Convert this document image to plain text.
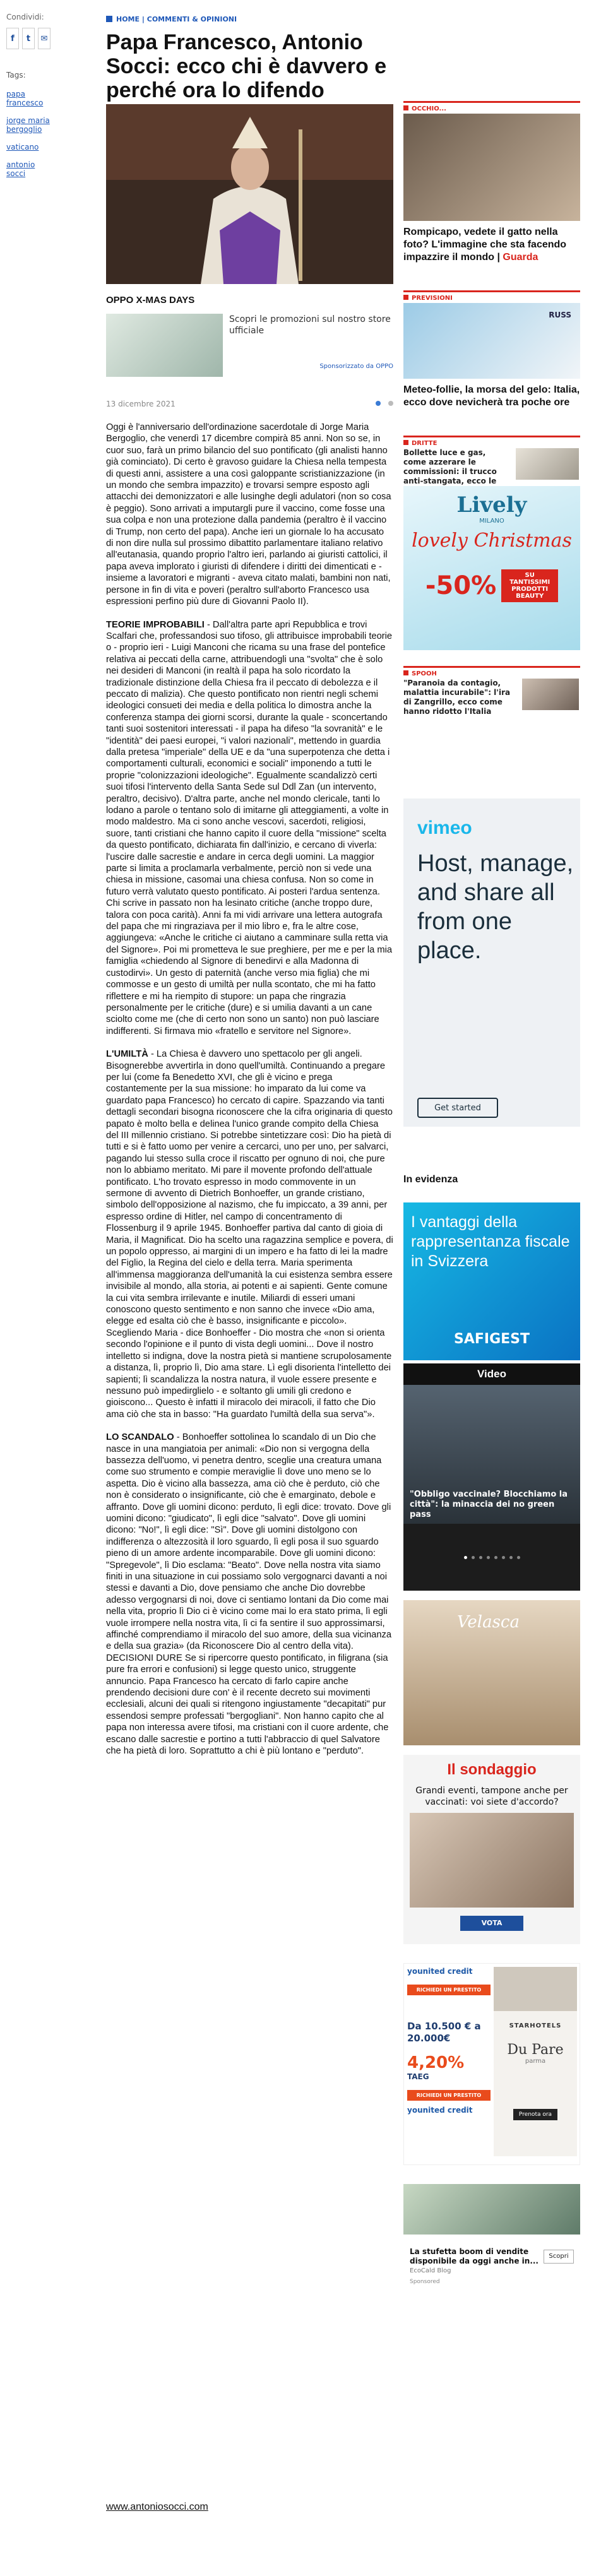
Condividi:
f	t	✉
Tags:
papa francesco
jorge maria bergoglio
vaticano
antonio socci
HOME | COMMENTI & OPINIONI
Papa Francesco, Antonio Socci: ecco chi è davvero e perché ora lo difendo
OPPO X-MAS DAYS
Scopri le promozioni sul nostro store ufficiale
Sponsorizzato da OPPO
13 dicembre 2021

Oggi è l'anniversario dell'ordinazione sacerdotale di Jorge Maria Bergoglio, che venerdì 17 dicembre compirà 85 anni. Non so se, in cuor suo, farà un primo bilancio del suo pontificato (gli analisti hanno già cominciato). Di certo è gravoso guidare la Chiesa nella tempesta di questi anni, assistere a una così galoppante scristianizzazione (in un mondo che sembra impazzito) e trovarsi sempre esposto agli attacchi dei demonizzatori e alle lusinghe degli adulatori (non so cosa è peggio). Sono arrivati a imputargli pure il vaccino, come fosse una sua colpa e non una protezione dalla pandemia (peraltro è il vaccino di Trump, non certo del papa). Anche ieri un giornale lo ha accusato di non dire nulla sul prossimo dibattito parlamentare italiano relativo all'eutanasia, quando proprio l'altro ieri, parlando ai giuristi cattolici, il papa aveva implorato i giuristi di difendere i diritti dei dimenticati e - insieme a lavoratori e migranti - aveva citato malati, bambini non nati, persone in fin di vita e poveri (peraltro sull'aborto Francesco usa espressioni perfino più dure di Giovanni Paolo II).

TEORIE IMPROBABILI - Dall'altra parte apri Repubblica e trovi Scalfari che, professandosi suo tifoso, gli attribuisce improbabili teorie o - proprio ieri - Luigi Manconi che ricama su una frase del pontefice relativa ai peccati della carne, attribuendogli una "svolta" che è solo nei desideri di Manconi (in realtà il papa ha solo ricordato la tradizionale distinzione della Chiesa fra il peccato di debolezza e il peccato di malizia). Che questo pontificato non rientri negli schemi ideologici consueti dei media e della politica lo dimostra anche la conferenza stampa dei giorni scorsi, durante la quale - sconcertando tanti suoi sostenitori interessati - il papa ha difeso "la sovranità" e le "identità" dei paesi europei, "i valori nazionali", mettendo in guardia dalla pretesa "imperiale" della UE e da "una superpotenza che detta i comportamenti culturali, economici e sociali" imponendo a tutti le proprie "colonizzazioni ideologiche". Egualmente scandalizzò certi suoi tifosi l'intervento della Santa Sede sul Ddl Zan (un intervento, peraltro, decisivo). D'altra parte, anche nel mondo clericale, tanti lo lodano a parole o tentano solo di imitarne gli atteggiamenti, a volte in modo maldestro. Ma ci sono anche vescovi, sacerdoti, religiosi, suore, tanti cristiani che hanno capito il cuore della "missione" scelta da questo pontificato, dichiarata fin dall'inizio, e cercano di viverla: l'uscire dalle sacrestie e andare in cerca degli uomini. La maggior parte si limita a proclamarla verbalmente, perciò non si vede una chiesa in missione, casomai una chiesa confusa. Non so come in futuro verrà valutato questo pontificato. Ai posteri l'ardua sentenza. Chi scrive in passato non ha lesinato critiche (anche troppo dure, talora con poca carità). Anni fa mi vidi arrivare una lettera autografa del papa che mi ringraziava per il mio libro e, fra le altre cose, aggiungeva: «Anche le critiche ci aiutano a camminare sulla retta via del Signore». Poi mi prometteva le sue preghiere, per me e per la mia famiglia «chiedendo al Signore di benedirvi e alla Madonna di custodirvi». Un gesto di paternità (anche verso mia figlia) che mi commosse e un gesto di umiltà per nulla scontato, che mi ha fatto riflettere e mi ha riempito di stupore: un papa che ringrazia personalmente per le critiche (dure) e si umilia davanti a un cane sciolto come me (che di certo non sono un santo) non può lasciare indifferenti. Si firmava mio «fratello e servitore nel Signore».

L'UMILTÀ - La Chiesa è davvero uno spettacolo per gli angeli. Bisognerebbe avvertirla in dono quell'umiltà. Continuando a pregare per lui (come fa Benedetto XVI, che gli è vicino e prega costantemente per la sua missione: ho imparato da lui come va guardato papa Francesco) ho cercato di capire. Spazzando via tanti dettagli secondari bisogna riconoscere che la cifra originaria di questo papato è molto bella e delinea l'unico grande compito della Chiesa del III millennio cristiano. Si potrebbe sintetizzare così: Dio ha pietà di tutti e si è fatto uomo per venire a cercarci, uno per uno, per salvarci, pagando lui stesso sulla croce il riscatto per ognuno di noi, che pure non lo abbiamo meritato. Mi pare il movente profondo dell'attuale pontificato. L'ho trovato espresso in modo commovente in un sermone di avvento di Dietrich Bonhoeffer, un grande cristiano, simbolo dell'opposizione al nazismo, che fu impiccato, a 39 anni, per espresso ordine di Hitler, nel campo di concentramento di Flossenburg il 9 aprile 1945. Bonhoeffer partiva dal canto di gioia di Maria, il Magnificat. Dio ha scelto una ragazzina semplice e povera, di un popolo oppresso, ai margini di un impero e ha fatto di lei la madre del Figlio, la Regina del cielo e della terra. Maria sperimenta all'immensa maggioranza dell'umanità la cui esistenza sembra essere invisibile al mondo, alla storia, ai potenti e ai sapienti. Gente comune la cui vita sembra irrilevante e inutile. Miliardi di esseri umani conoscono questo sentimento e non sanno che invece «Dio ama, elegge ed esalta ciò che è basso, insignificante e piccolo». Scegliendo Maria - dice Bonhoeffer - Dio mostra che «non si orienta secondo l'opinione e il punto di vista degli uomini... Dove il nostro intelletto si indigna, dove la nostra pietà si mantiene scrupolosamente a distanza, lì, proprio lì, Dio ama stare. Lì egli disorienta l'intelletto dei sapienti; lì scandalizza la nostra natura, il vuole essere presente e nessuno può impedirglielo - e soltanto gli umili gli credono e gioiscono... Questo è infatti il miracolo dei miracoli, il fatto che Dio ama ciò che sta in basso: "Ha guardato l'umiltà della sua serva"».

LO SCANDALO - Bonhoeffer sottolinea lo scandalo di un Dio che nasce in una mangiatoia per animali: «Dio non si vergogna della bassezza dell'uomo, vi penetra dentro, sceglie una creatura umana come suo strumento e compie meraviglie lì dove uno meno se lo aspetta. Dio è vicino alla bassezza, ama ciò che è perduto, ciò che non è considerato o insignificante, ciò che è emarginato, debole e affranto. Dove gli uomini dicono: perduto, lì egli dice: trovato. Dove gli uomini dicono: "giudicato", lì egli dice "salvato". Dove gli uomini dicono: "No!", lì egli dice: "Sì". Dove gli uomini distolgono con indifferenza o altezzosità il loro sguardo, lì egli posa il suo sguardo pieno di un amore ardente incomparabile. Dove gli uomini dicono: "Spregevole", lì Dio esclama: "Beato". Dove nella nostra vita siamo finiti in una situazione in cui possiamo solo vergognarci davanti a noi stessi e davanti a Dio, dove pensiamo che anche Dio dovrebbe adesso vergognarsi di noi, dove ci sentiamo lontani da Dio come mai nella vita, proprio lì Dio ci è vicino come mai lo era stato prima, lì egli vuole irrompere nella nostra vita, lì ci fa sentire il suo approssimarsi, affinché comprendiamo il miracolo del suo amore, della sua vicinanza e della sua grazia» (da Riconoscere Dio al centro della vita). DECISIONI DURE Se si ripercorre questo pontificato, in filigrana (sia pure fra errori e confusioni) si legge questo unico, struggente annuncio. Papa Francesco ha cercato di farlo capire anche prendendo decisioni dure con' è il recente decreto sui movimenti ecclesiali, alcuni dei quali si ritengono ingiustamente "decapitati" pur essendosi sempre professati "bergogliani". Non hanno capito che al papa non interessa avere tifosi, ma cristiani con il cuore ardente, che escano dalle sacrestie e portino a tutti l'abbraccio di quel Salvatore che ha pietà di loro. Soprattutto a chi è più lontano e "perduto".

www.antoniosocci.com
OCCHIO...
Rompicapo, vedete il gatto nella foto? L'immagine che sta facendo impazzire il mondo | Guarda
PREVISIONI
RUSS
Meteo-follie, la morsa del gelo: Italia, ecco dove nevicherà tra poche ore
DRITTE
Bollette luce e gas, come azzerare le commissioni: il trucco anti-stangata, ecco le
Lively
MILANO
lovely Christmas
-50%	SU TANTISSIMI PRODOTTI BEAUTY
SPOOH
"Paranoia da contagio, malattia incurabile": l'ira di Zangrillo, ecco come hanno ridotto l'Italia
vimeo
Host, manage, and share all from one place.
Get started
In evidenza
I vantaggi della rappresentanza fiscale in Svizzera
SAFIGEST
Video
"Obbligo vaccinale? Blocchiamo la città": la minaccia dei no green pass
Velasca
Il sondaggio
Grandi eventi, tampone anche per vaccinati: voi siete d'accordo?
VOTA
younited credit
RICHIEDI UN PRESTITO
Da 10.500 € a 20.000€
4,20%
TAEG
RICHIEDI UN PRESTITO
younited credit
STARHOTELS
Du Pare
parma
Prenota ora
La stufetta boom di vendite disponibile da oggi anche in...
EcoCald Blog
Sponsored
Scopri
